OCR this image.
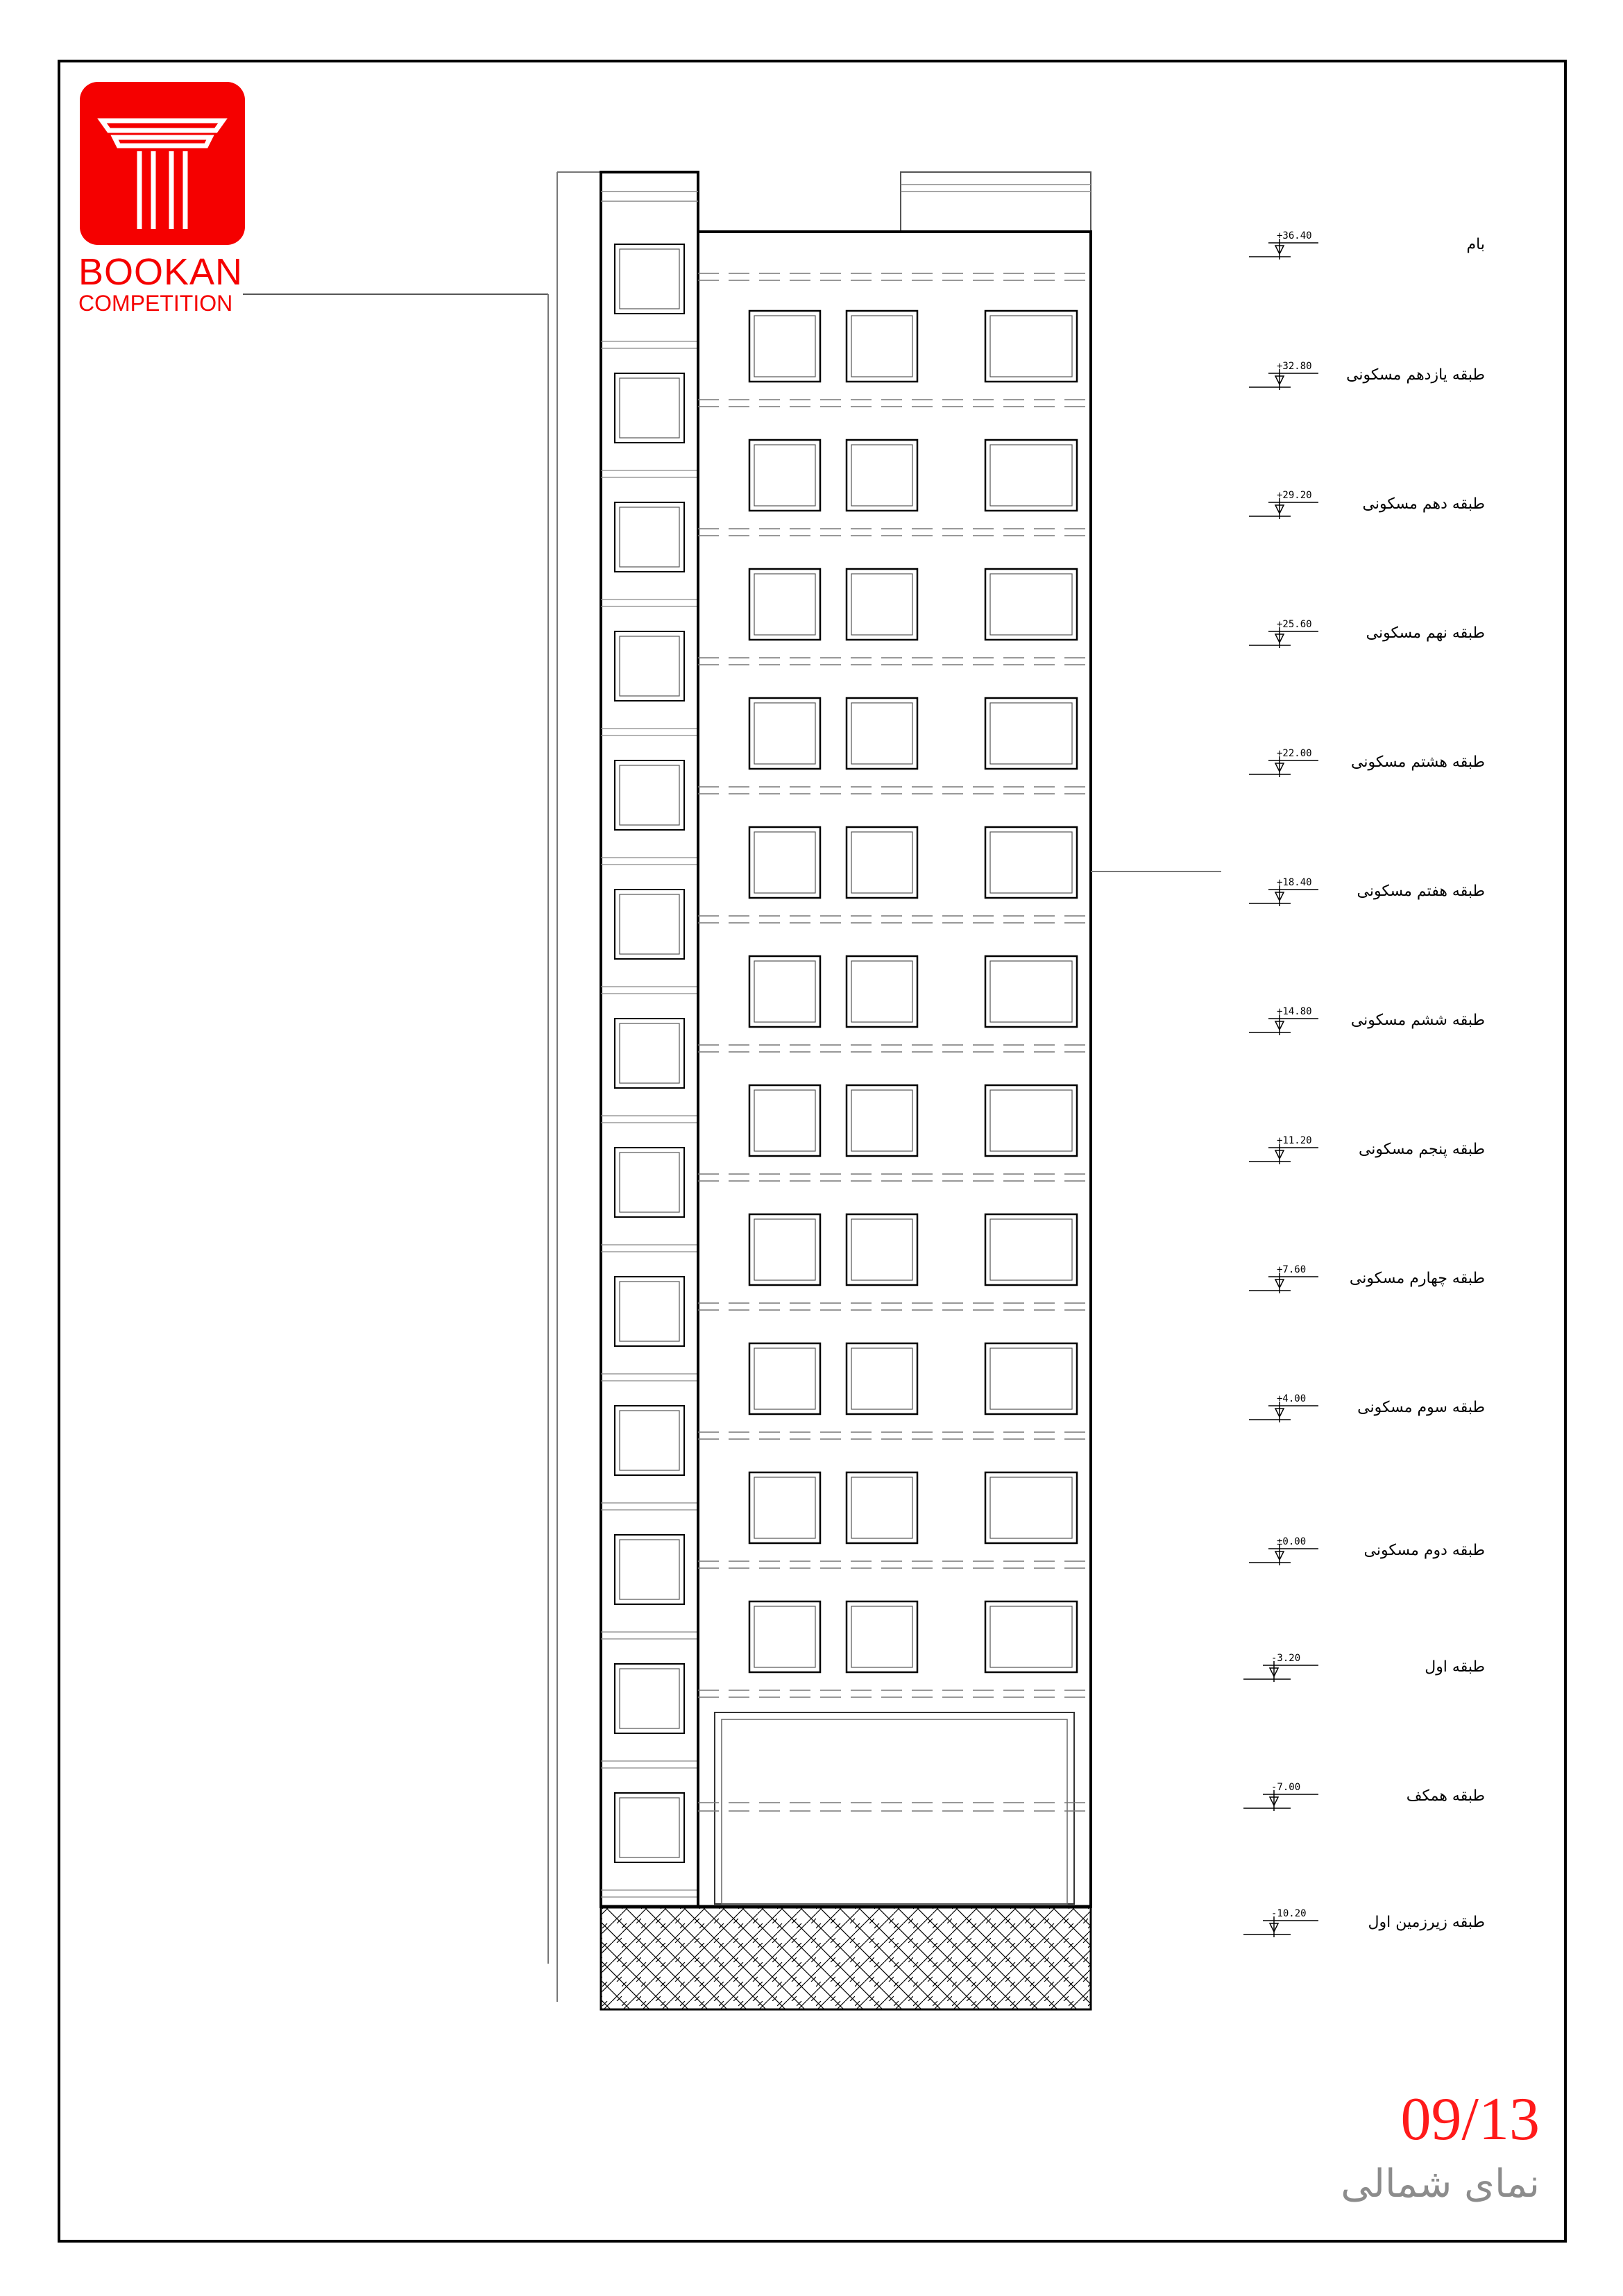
BOOKAN
COMPETITION
09/13
نمای شمالی
+36.40	بام
+32.80 طبقه یازدهم مسکونی
+29.20	طبقه دهم مسکونی
+25.60	طبقه نهم مسکونی
+22.00	طبقه هشتم مسکونی
+18.40	طبقه هفتم مسکونی
+14.80	طبقه ششم مسکونی
+11.20	طبقه پنجم مسکونی
+7.60	طبقه چهارم مسکونی
+4.00	طبقه سوم مسکونی
±0.00	طبقه دوم مسکونی
-3.20	طبقه اول
-7.00	طبقه همکف
-10.20	طبقه زیرزمین اول
